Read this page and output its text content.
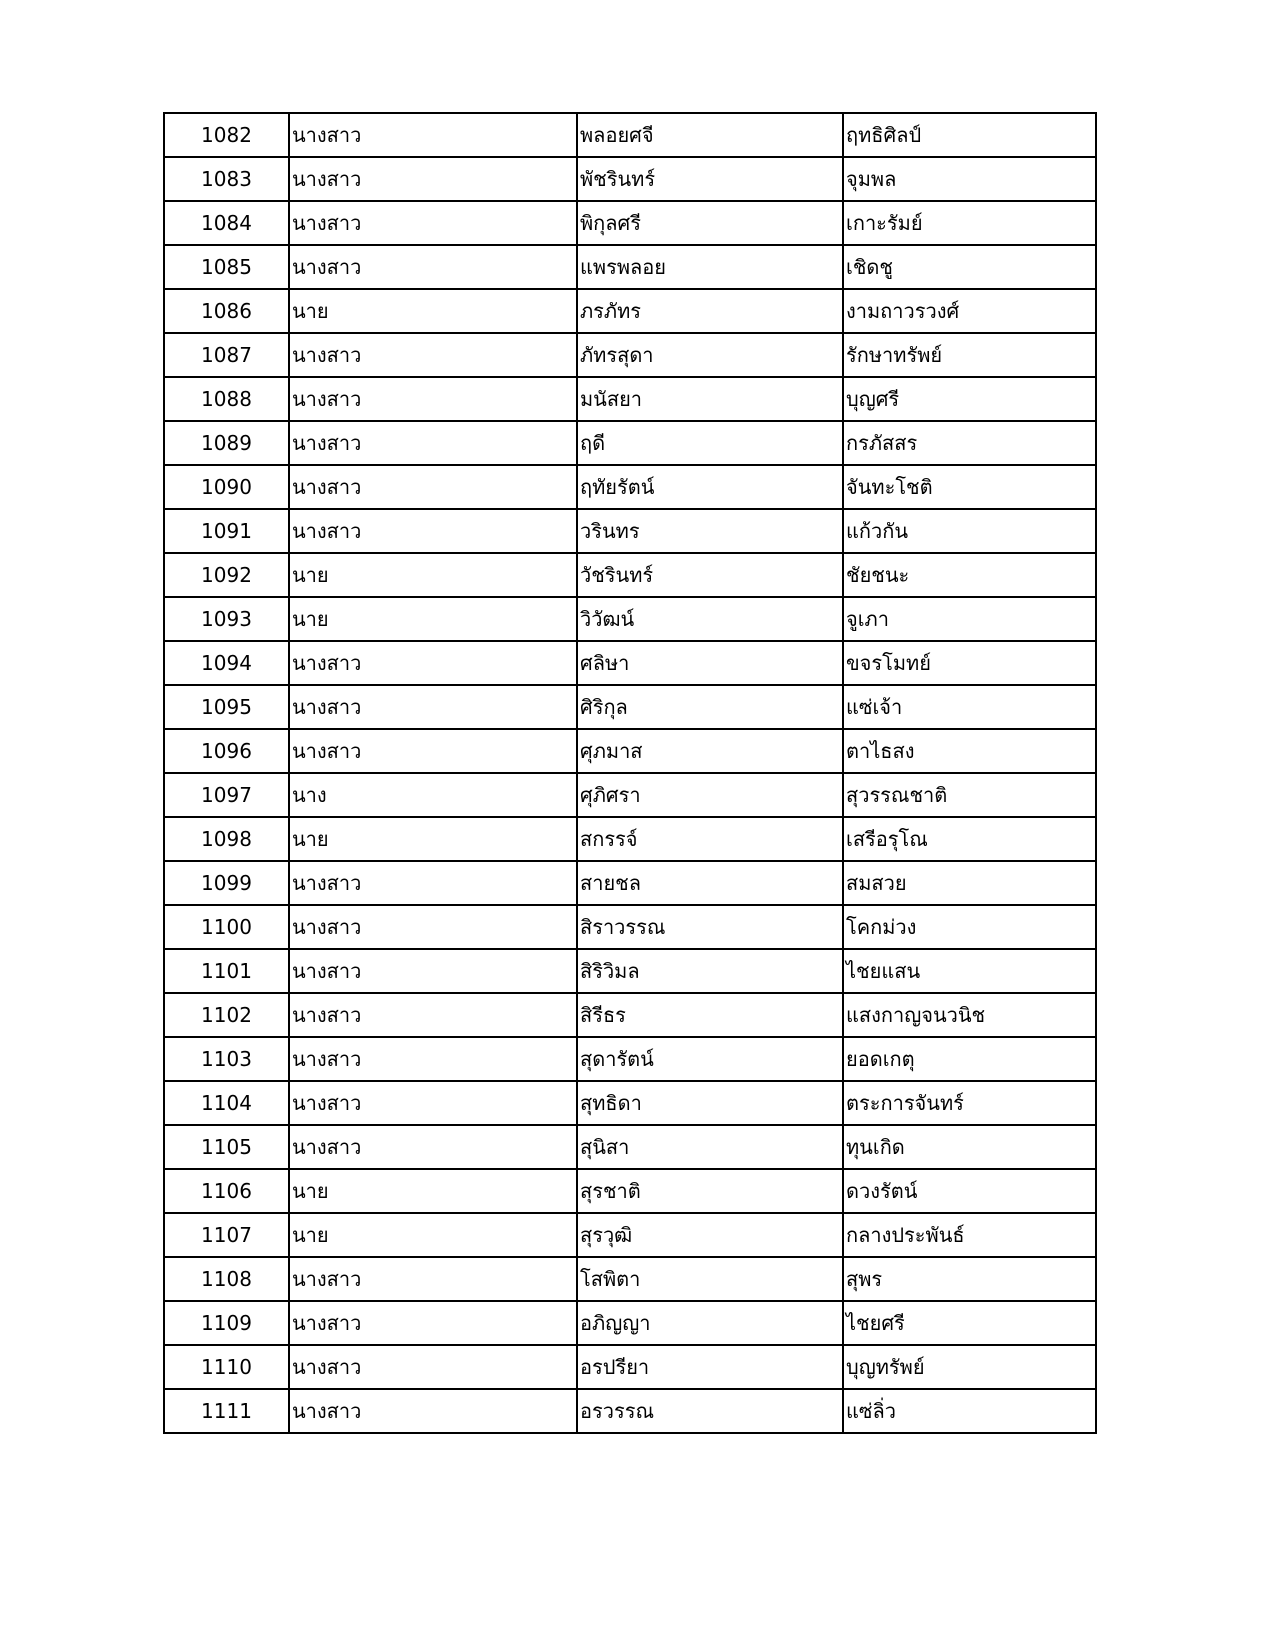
1082	นางสาว	พลอยศจี	ฤทธิศิลป์
1083	นางสาว	พัชรินทร์	จุมพล
1084	นางสาว	พิกุลศรี	เกาะรัมย์
1085	นางสาว	แพรพลอย	เชิดชู
1086	นาย	ภรภัทร	งามถาวรวงศ์
1087	นางสาว	ภัทรสุดา	รักษาทรัพย์
1088	นางสาว	มนัสยา	บุญศรี
1089	นางสาว	ฤดี	กรภัสสร
1090	นางสาว	ฤทัยรัตน์	จันทะโชติ
1091	นางสาว	วรินทร	แก้วกัน
1092	นาย	วัชรินทร์	ชัยชนะ
1093	นาย	วิวัฒน์	จูเภา
1094	นางสาว	ศลิษา	ขจรโมทย์
1095	นางสาว	ศิริกุล	แซ่เจ้า
1096	นางสาว	ศุภมาส	ตาไธสง
1097	นาง	ศุภิศรา	สุวรรณชาติ
1098	นาย	สกรรจ์	เสรีอรุโณ
1099	นางสาว	สายชล	สมสวย
1100	นางสาว	สิราวรรณ	โคกม่วง
1101	นางสาว	สิริวิมล	ไชยแสน
1102	นางสาว	สิรีธร	แสงกาญจนวนิช
1103	นางสาว	สุดารัตน์	ยอดเกตุ
1104	นางสาว	สุทธิดา	ตระการจันทร์
1105	นางสาว	สุนิสา	ทุนเกิด
1106	นาย	สุรชาติ	ดวงรัตน์
1107	นาย	สุรวุฒิ	กลางประพันธ์
1108	นางสาว	โสพิตา	สุพร
1109	นางสาว	อภิญญา	ไชยศรี
1110	นางสาว	อรปรียา	บุญทรัพย์
1111	นางสาว	อรวรรณ	แซ่ลิ่ว
